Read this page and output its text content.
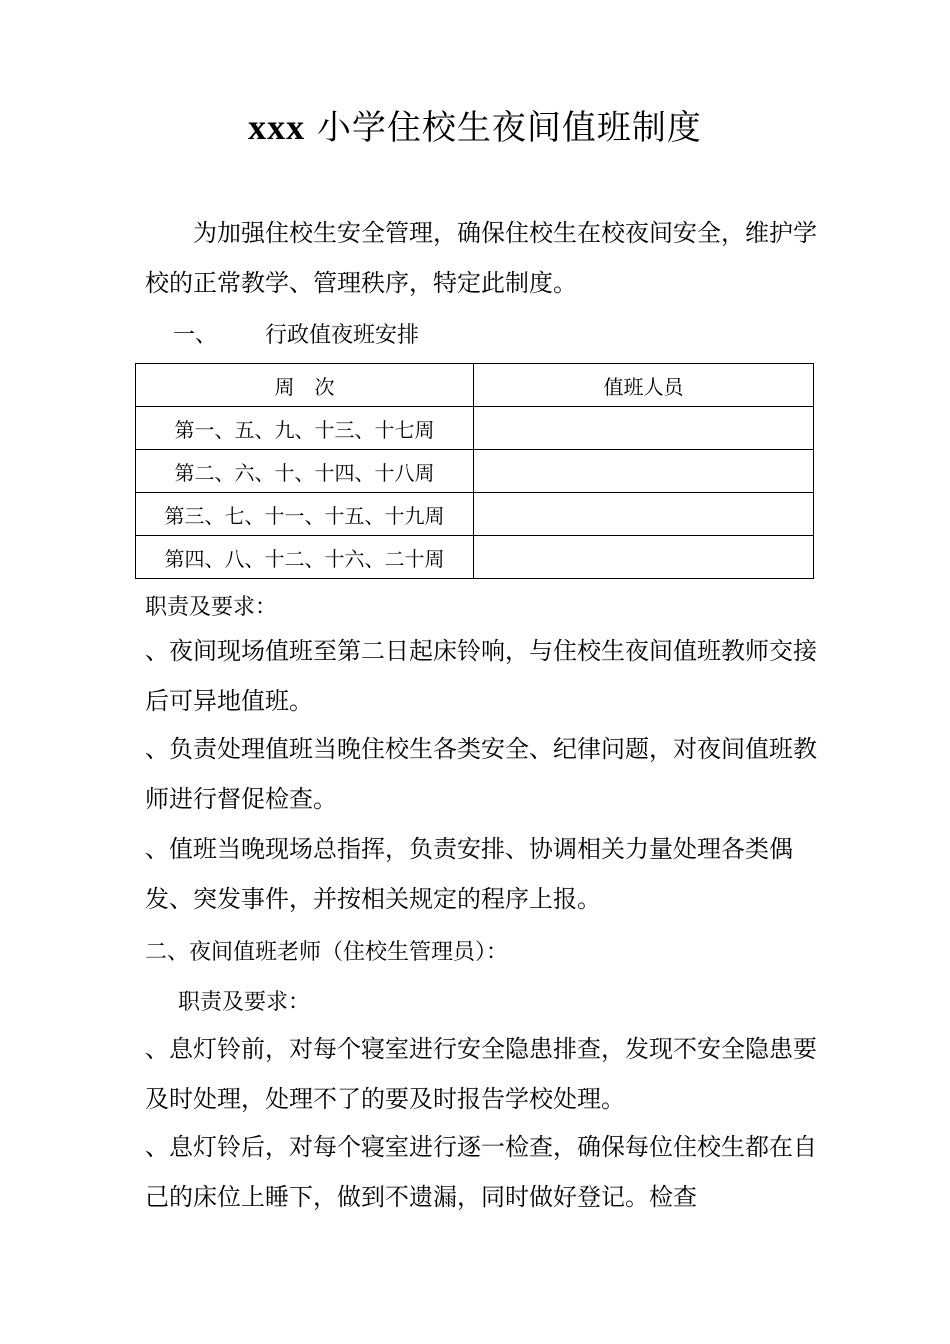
xxx 小学住校生夜间值班制度

为加强住校生安全管理，确保住校生在校夜间安全，维护学校的正常教学、管理秩序，特定此制度。

一、 行政值夜班安排
周　次	值班人员
第一、五、九、十三、十七周	
第二、六、十、十四、十八周	
第三、七、十一、十五、十九周	
第四、八、十二、十六、二十周	
职责及要求：

、夜间现场值班至第二日起床铃响，与住校生夜间值班教师交接后可异地值班。

、负责处理值班当晚住校生各类安全、纪律问题，对夜间值班教师进行督促检查。

、值班当晚现场总指挥，负责安排、协调相关力量处理各类偶发、突发事件，并按相关规定的程序上报。

二、夜间值班老师（住校生管理员）：
职责及要求：

、息灯铃前，对每个寝室进行安全隐患排查，发现不安全隐患要及时处理，处理不了的要及时报告学校处理。

、息灯铃后，对每个寝室进行逐一检查，确保每位住校生都在自己的床位上睡下，做到不遗漏，同时做好登记。检查
